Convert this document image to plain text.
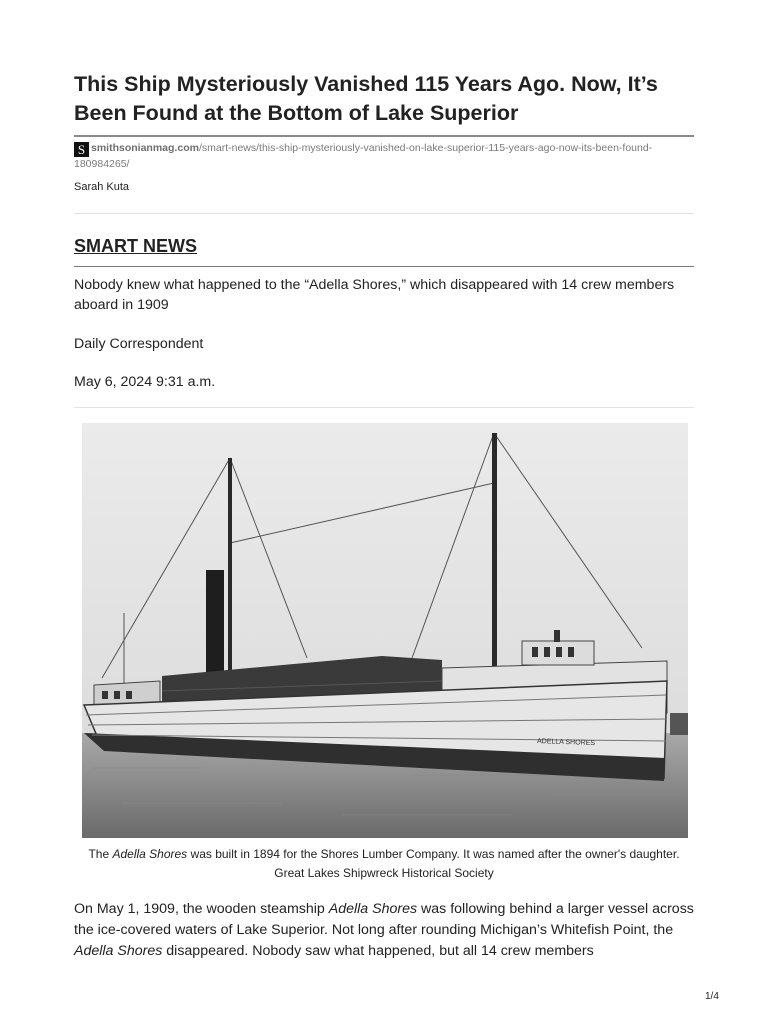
This Ship Mysteriously Vanished 115 Years Ago. Now, It’s Been Found at the Bottom of Lake Superior
S smithsonianmag.com/smart-news/this-ship-mysteriously-vanished-on-lake-superior-115-years-ago-now-its-been-found-180984265/
Sarah Kuta
SMART NEWS
Nobody knew what happened to the “Adella Shores,” which disappeared with 14 crew members aboard in 1909
Daily Correspondent
May 6, 2024 9:31 a.m.
ADELLA SHORES
The Adella Shores was built in 1894 for the Shores Lumber Company. It was named after the owner's daughter. Great Lakes Shipwreck Historical Society
On May 1, 1909, the wooden steamship Adella Shores was following behind a larger vessel across the ice-covered waters of Lake Superior. Not long after rounding Michigan’s Whitefish Point, the Adella Shores disappeared. Nobody saw what happened, but all 14 crew members
1/4
